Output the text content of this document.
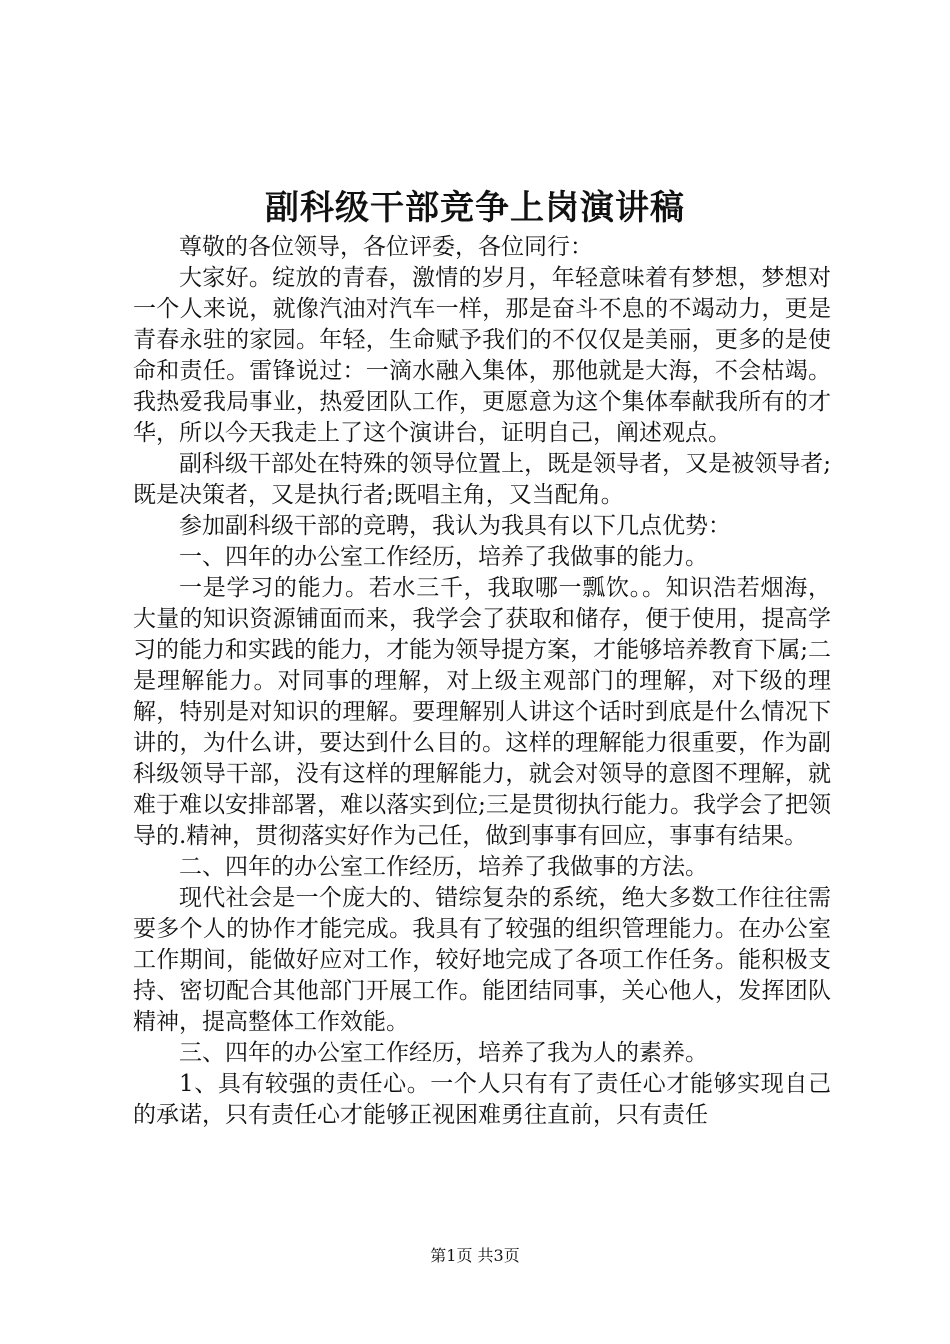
副科级干部竞争上岗演讲稿

尊敬的各位领导，各位评委，各位同行：

大家好。绽放的青春，激情的岁月，年轻意味着有梦想，梦想对一个人来说，就像汽油对汽车一样，那是奋斗不息的不竭动力，更是青春永驻的家园。年轻，生命赋予我们的不仅仅是美丽，更多的是使命和责任。雷锋说过：一滴水融入集体，那他就是大海，不会枯竭。我热爱我局事业，热爱团队工作，更愿意为这个集体奉献我所有的才华，所以今天我走上了这个演讲台，证明自己，阐述观点。

副科级干部处在特殊的领导位置上，既是领导者，又是被领导者;既是决策者，又是执行者;既唱主角，又当配角。

参加副科级干部的竞聘，我认为我具有以下几点优势：

一、四年的办公室工作经历，培养了我做事的能力。

一是学习的能力。若水三千，我取哪一瓢饮。。知识浩若烟海，大量的知识资源铺面而来，我学会了获取和储存，便于使用，提高学习的能力和实践的能力，才能为领导提方案，才能够培养教育下属;二是理解能力。对同事的理解，对上级主观部门的理解，对下级的理解，特别是对知识的理解。要理解别人讲这个话时到底是什么情况下讲的，为什么讲，要达到什么目的。这样的理解能力很重要，作为副科级领导干部，没有这样的理解能力，就会对领导的意图不理解，就难于难以安排部署，难以落实到位;三是贯彻执行能力。我学会了把领导的.精神，贯彻落实好作为己任，做到事事有回应，事事有结果。

二、四年的办公室工作经历，培养了我做事的方法。

现代社会是一个庞大的、错综复杂的系统，绝大多数工作往往需要多个人的协作才能完成。我具有了较强的组织管理能力。在办公室工作期间，能做好应对工作，较好地完成了各项工作任务。能积极支持、密切配合其他部门开展工作。能团结同事，关心他人，发挥团队精神，提高整体工作效能。

三、四年的办公室工作经历，培养了我为人的素养。

1、具有较强的责任心。一个人只有有了责任心才能够实现自己的承诺，只有责任心才能够正视困难勇往直前，只有责任

第1页 共3页
